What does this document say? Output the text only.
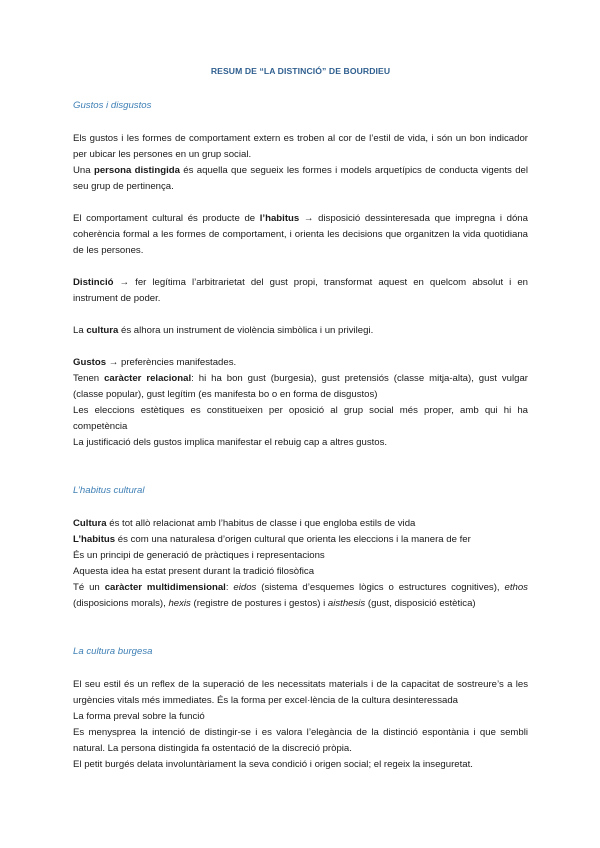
RESUM DE “LA DISTINCIÓ” DE BOURDIEU
Gustos i disgustos

Els gustos i les formes de comportament extern es troben al cor de l’estil de vida, i són un bon indicador per ubicar les persones en un grup social.

Una persona distingida és aquella que segueix les formes i models arquetípics de conducta vigents del seu grup de pertinença.

El comportament cultural és producte de l’habitus → disposició dessinteresada que impregna i dóna coherència formal a les formes de comportament, i orienta les decisions que organitzen la vida quotidiana de les persones.

Distinció → fer legítima l’arbitrarietat del gust propi, transformat aquest en quelcom absolut i en instrument de poder.

La cultura és alhora un instrument de violència simbòlica i un privilegi.

Gustos → preferències manifestades.

Tenen caràcter relacional: hi ha bon gust (burgesia), gust pretensiós (classe mitja-alta), gust vulgar (classe popular), gust legítim (es manifesta bo o en forma de disgustos)

Les eleccions estètiques es constitueixen per oposició al grup social més proper, amb qui hi ha competència

La justificació dels gustos implica manifestar el rebuig cap a altres gustos.

L’habitus cultural

Cultura és tot allò relacionat amb l’habitus de classe i que engloba estils de vida

L’habitus és com una naturalesa d’origen cultural que orienta les eleccions i la manera de fer

És un principi de generació de pràctiques i representacions

Aquesta idea ha estat present durant la tradició filosòfica

Té un caràcter multidimensional: eidos (sistema d’esquemes lògics o estructures cognitives), ethos (disposicions morals), hexis (registre de postures i gestos) i aisthesis (gust, disposició estètica)

La cultura burgesa

El seu estil és un reflex de la superació de les necessitats materials i de la capacitat de sostreure’s a les urgències vitals més immediates. És la forma per excel·lència de la cultura desinteressada

La forma preval sobre la funció

Es menysprea la intenció de distingir-se i es valora l’elegància de la distinció espontània i que sembli natural. La persona distingida fa ostentació de la discreció pròpia.

El petit burgés delata involuntàriament la seva condició i origen social; el regeix la inseguretat.
